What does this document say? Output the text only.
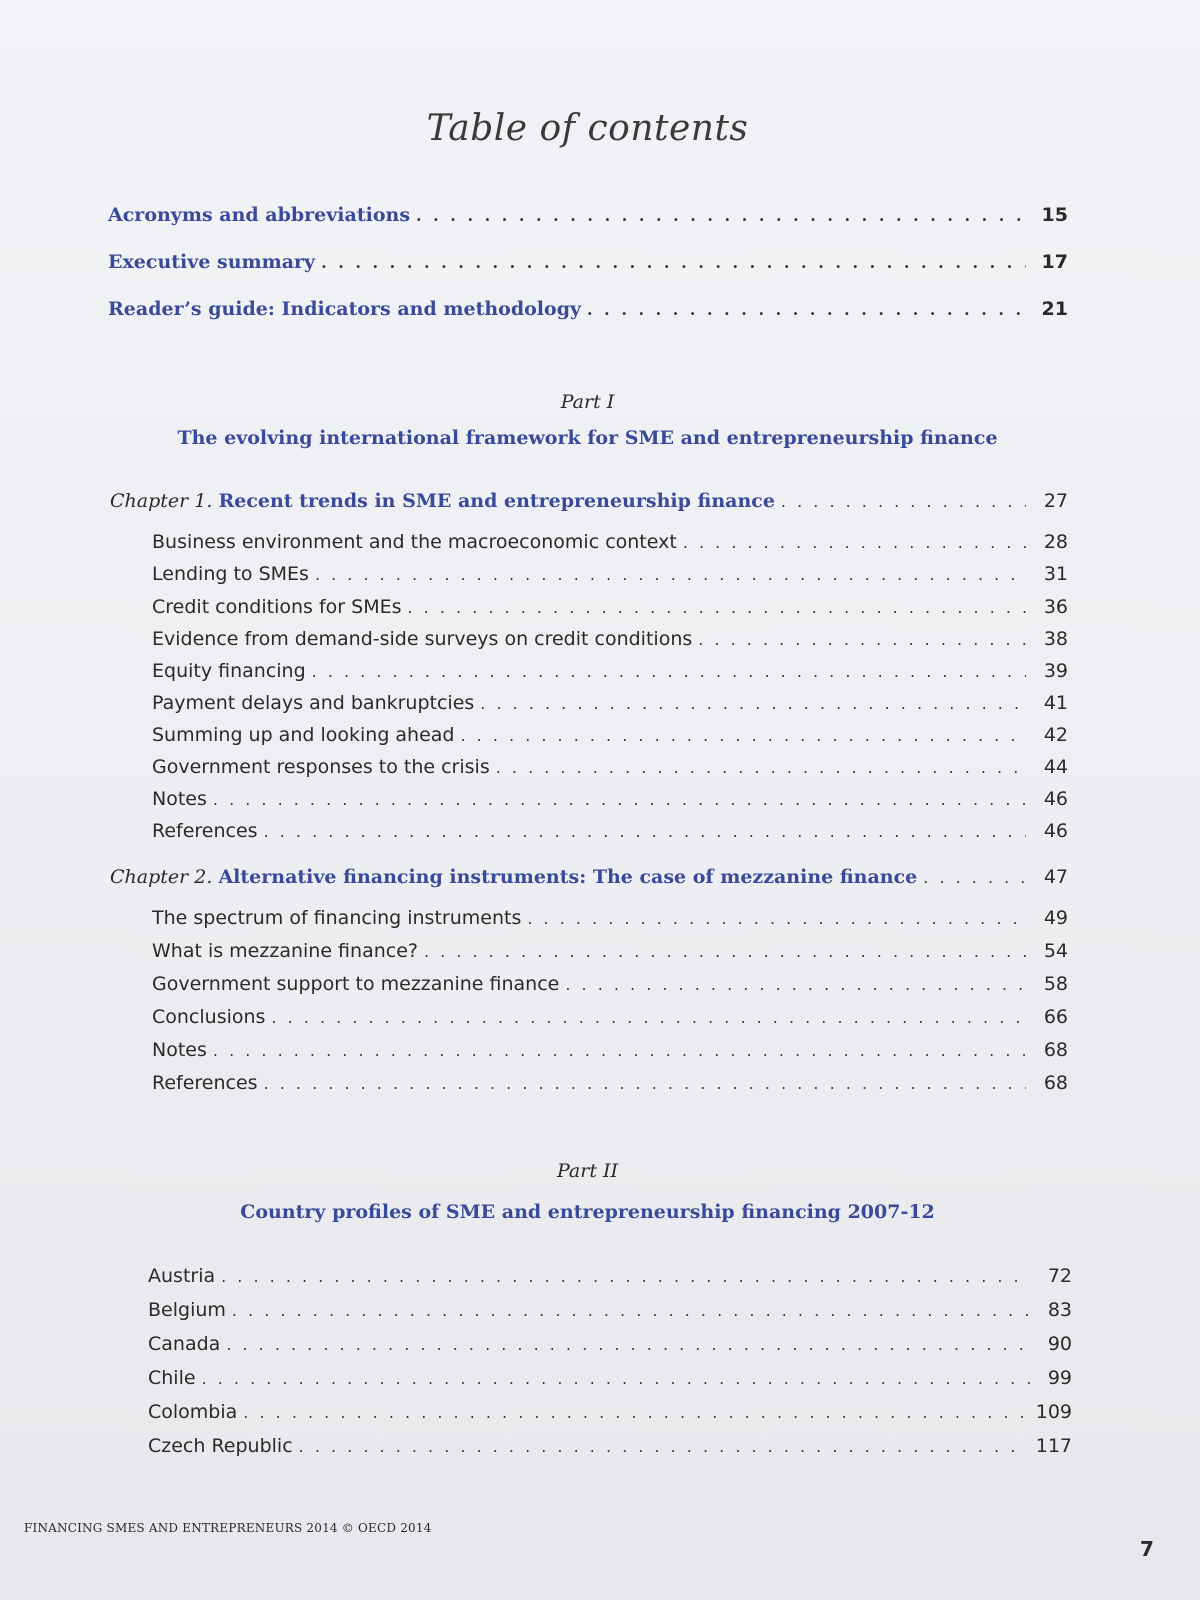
Table of contents
Acronyms and abbreviations . . .	15
Executive summary . . .	17
Reader’s guide: Indicators and methodology . . .	21
Part I
The evolving international framework for SME and entrepreneurship finance
Chapter 1. Recent trends in SME and entrepreneurship finance . . .	27
Business environment and the macroeconomic context . . .	28
Lending to SMEs . . .	31
Credit conditions for SMEs . . .	36
Evidence from demand-side surveys on credit conditions . . .	38
Equity financing . . .	39
Payment delays and bankruptcies . . .	41
Summing up and looking ahead . . .	42
Government responses to the crisis . . .	44
Notes . . .	46
References . . .	46
Chapter 2. Alternative financing instruments: The case of mezzanine finance . . .	47
The spectrum of financing instruments . . .	49
What is mezzanine finance? . . .	54
Government support to mezzanine finance . . .	58
Conclusions . . .	66
Notes . . .	68
References . . .	68
Part II
Country profiles of SME and entrepreneurship financing 2007-12
Austria . . .	72
Belgium . . .	83
Canada . . .	90
Chile . . .	99
Colombia . . .	109
Czech Republic . . .	117
FINANCING SMES AND ENTREPRENEURS 2014 © OECD 2014
7
